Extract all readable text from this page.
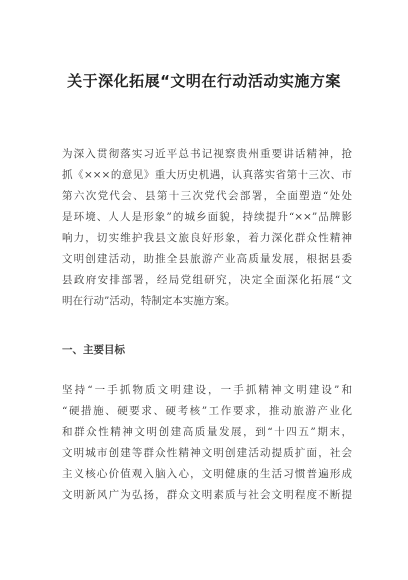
关于深化拓展“文明在行动活动实施方案
为深入贯彻落实习近平总书记视察贵州重要讲话精神，抢
抓《×××的意见》重大历史机遇，认真落实省第十三次、市
第六次党代会、县第十三次党代会部署，全面塑造“处处
是环境、人人是形象”的城乡面貌，持续提升“××”品牌影
响力，切实维护我县文旅良好形象，着力深化群众性精神
文明创建活动，助推全县旅游产业高质量发展，根据县委
县政府安排部署，经局党组研究，决定全面深化拓展“文
明在行动”活动，特制定本实施方案。
一、主要目标
坚持“一手抓物质文明建设，一手抓精神文明建设”和
“硬措施、硬要求、硬考核”工作要求，推动旅游产业化
和群众性精神文明创建高质量发展，到“十四五”期末，
文明城市创建等群众性精神文明创建活动提质扩面，社会
主义核心价值观入脑入心，文明健康的生活习惯普遍形成
文明新风广为弘扬，群众文明素质与社会文明程度不断提
